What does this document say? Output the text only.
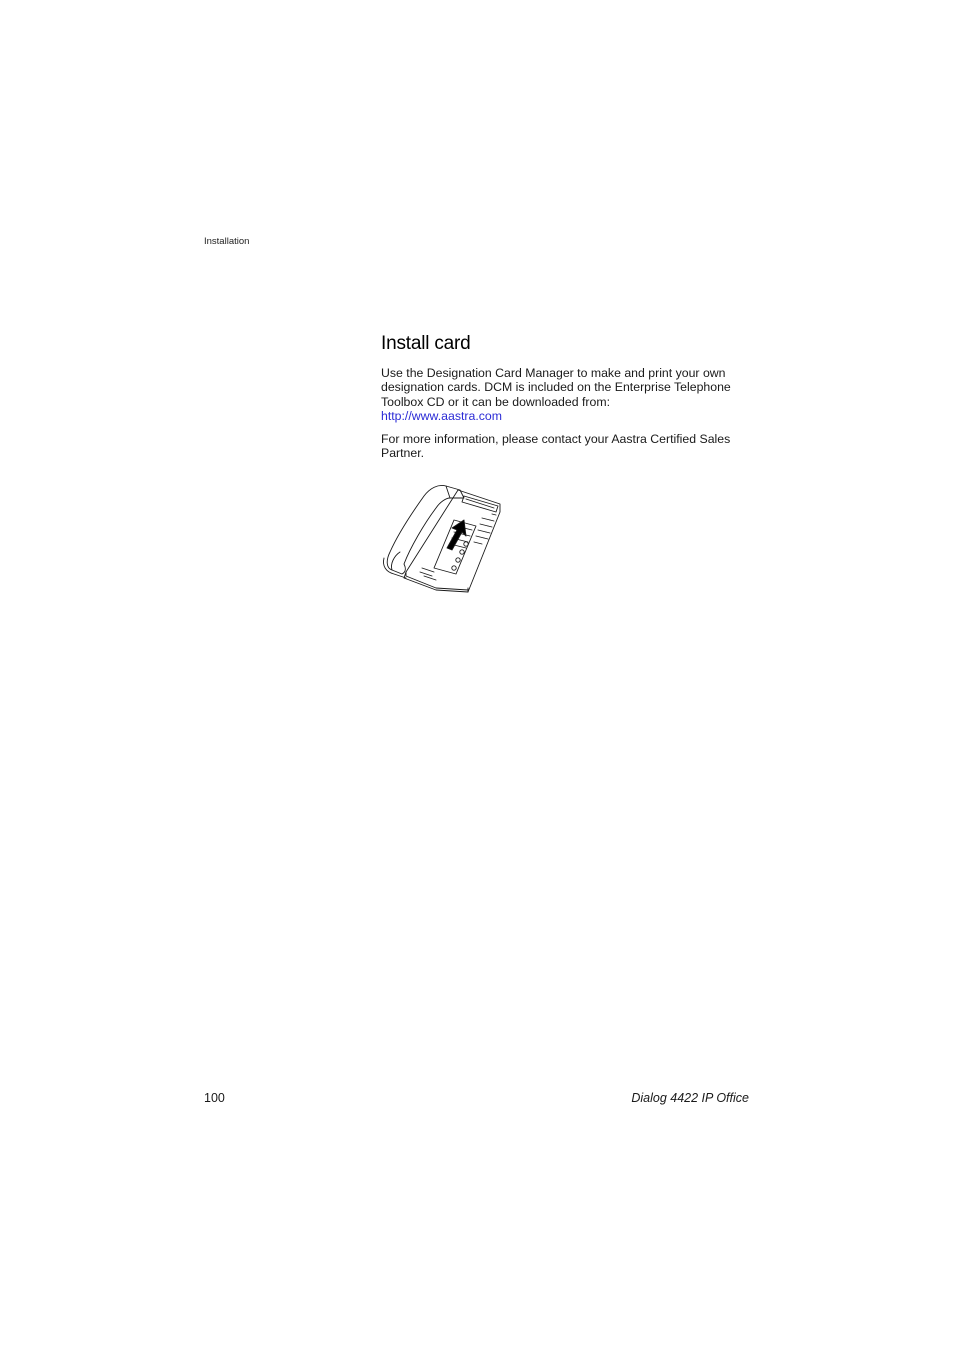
Installation
Install card

Use the Designation Card Manager to make and print your own designation cards. DCM is included on the Enterprise Telephone Toolbox CD or it can be downloaded from:
http://www.aastra.com

For more information, please contact your Aastra Certified Sales Partner.

100	Dialog 4422 IP Office
